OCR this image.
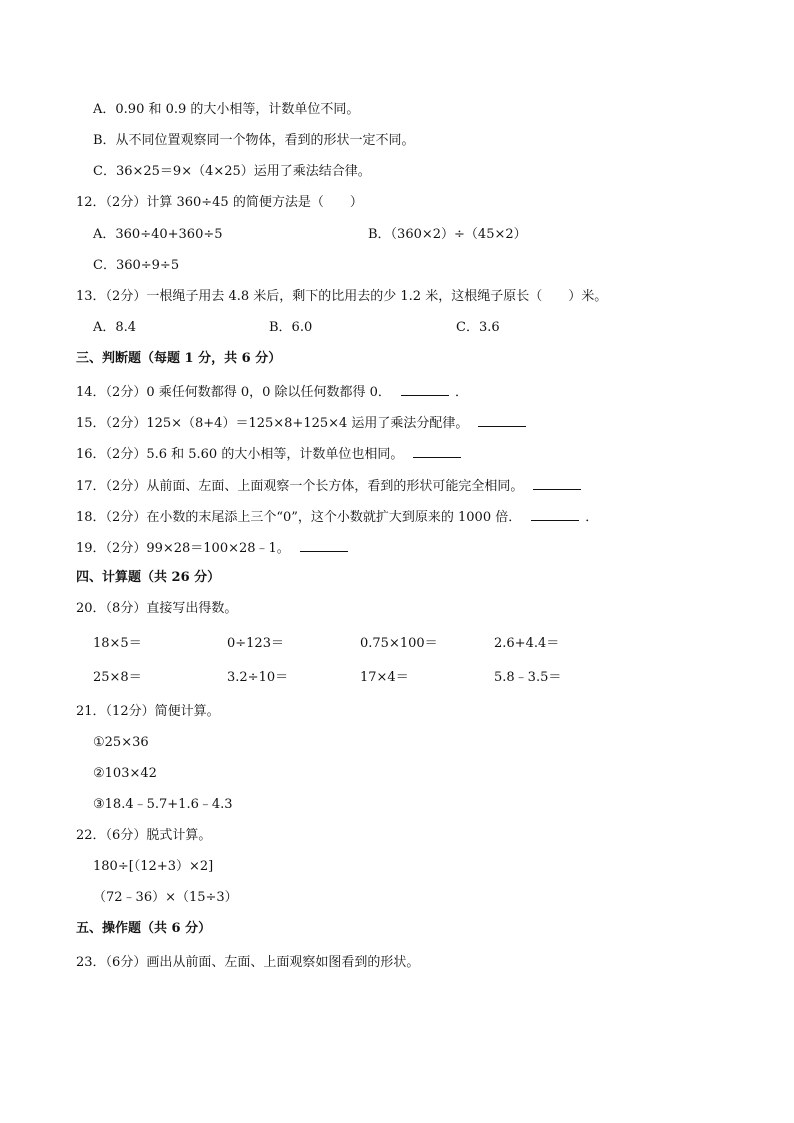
A．0.90 和 0.9 的大小相等，计数单位不同。
B．从不同位置观察同一个物体，看到的形状一定不同。
C．36×25＝9×（4×25）运用了乘法结合律。
12．（2分）计算 360÷45 的简便方法是（　　）
A．360÷40+360÷5	B．（360×2）÷（45×2）
C．360÷9÷5
13．（2分）一根绳子用去 4.8 米后，剩下的比用去的少 1.2 米，这根绳子原长（　　）米。
A．8.4	B．6.0	C．3.6
三、判断题（每题 1 分，共 6 分）
14．（2分）0 乘任何数都得 0，0 除以任何数都得 0．	．
15．（2分）125×（8+4）＝125×8+125×4 运用了乘法分配律。
16．（2分）5.6 和 5.60 的大小相等，计数单位也相同。
17．（2分）从前面、左面、上面观察一个长方体，看到的形状可能完全相同。
18．（2分）在小数的末尾添上三个“0”，这个小数就扩大到原来的 1000 倍．	．
19．（2分）99×28＝100×28﹣1。
四、计算题（共 26 分）
20．（8分）直接写出得数。
18×5＝	0÷123＝	0.75×100＝	2.6+4.4＝
25×8＝	3.2÷10＝	17×4＝	5.8﹣3.5＝
21．（12分）简便计算。
①25×36
②103×42
③18.4﹣5.7+1.6﹣4.3
22．（6分）脱式计算。
180÷[（12+3）×2]
（72﹣36）×（15÷3）
五、操作题（共 6 分）
23．（6分）画出从前面、左面、上面观察如图看到的形状。
